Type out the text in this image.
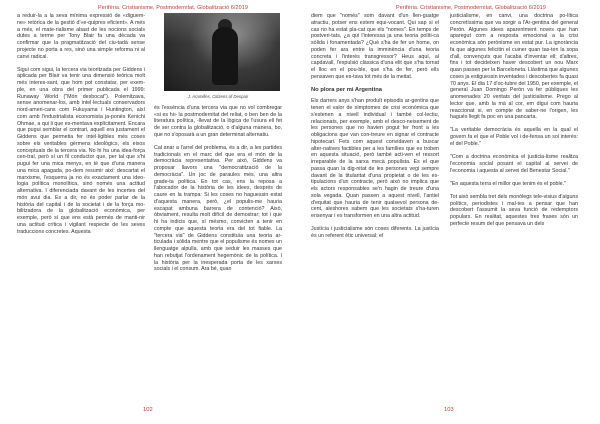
Perifèria. Cristianisme, Postmodernitat, Globalització 6/2019

a reduir-la a la seva mínima expressió de «diguem-ne» retòrica de la gestió d'«e-quipres eficient». A més a més, el mate-rialisme abast de les nocions socials dutes a terme per Tony Blair fa una dècada va confirmar que la pragmatització del ciu-tadà sense projecte no porta a res, sinó una simple reforma ni al canvi radical.

Sigui com sigui, la tercera via teoritzada per Giddens i aplicada per Blair va tenir una dimensió teòrica molt més interes-sant, que hom pot constatar, per exem-ple, en una obra del primer publicada el 1999: Runaway World ("Món desbocat"). Polemitzava, sense anomenar-los, amb intel·lectuals conservadors nord-ameri-cans com Fukuyama i Huntington, així com amb l'industrialista economista ja-ponès Kenichi Ohmae, a qui li que es-mentava explícitament. Encara que pugui semblar el contrari, aquell era justament el Giddens que permetia fer intel·ligibles més coses sobre els veritables gèrmens ideològics, els eixos conceptuals de la tercera via. No hi ha una idea-força cen-tral, però sí un fil conductor que, per tal que s'hi pugui fer una mica menys, en té que d'una manera una mica apagada, po-dem resumir així: descartat el marxisme, l'esquerra ja no és exactament una ideo-logia política monolítica, sinó només una actitud alternativa. I diferenciada davant de les incertes del món avui dia. Es a dir, no és poder parlar de la història del capital i de la societat i de la força mo-bilitzadora de la globalització econòmica, per exemple, però sí que ens està permès de manti-nir una actitud crítica i vigilant respecte de les seves traduccions concretes. Aquesta

J. Aramilles, Citizens of Despair

és l'essència d'una tercera via que no vol combregar «si es hi» la postmodernitat del reliat, o ben ben de la literatura política, -llevat de la lògica de l'usura ell fet de ser contra la globalització, o d'alguna manera, bo, que no s'oposarà a un gran determinat alternatiu.

Cal anar a l'arrel del problema, és a dir, a les partides tradicionals en el marc del que era el món de la democràcia representativa. Per això, Giddens va proposar llavors una "democratització de la democràcia". Un joc de paraules més, una altra grade-ta política. En tot cas, ens la reposa a l'abocador de la història de les idees, després de caure en la trampa: Si les coses no haguessin estat d'aquesta manera, però, ¿el populis-me hauria escapat ambuna barrera de contenció? Això, òbviament, resulta molt difícil de demostrar; tot i que hi ha indicis que, sí mésmo, convicten a tenir en compte que aquesta teoria era del tot fiable. La "tercera via" de Giddens constituïa una teoria ar-ticulada i sòlida mentre que el populisme és nomes un llenguatge alpulla, amb que seduir les masses que han rebutjat l'ordenament hegemònic de la política. I la història per la inesperada porta de les xarxes socials i el consum. Ara bé, quan

102
Perifèria. Cristianisme, Postmodernitat, Globalització 6/2019

diem que "només" som davant d'un llen-guatge atractiu, potser ens estem equi-vocant. Qui sap si el cas no ha estat pla-cat que els "nomes". En temps de postveri-tats, ¿a qui l'interessa ja una teoria políti-ca sòlida i fonamentada? ¿Què s'ha de fer un home, on poden fer ara entre la imminència d'una teoria concreta i l'interès transgressor? Heus aquí, al capdavall, l'expulsió clàssica d'una elit que s'ha tornat el lloc en el pou-ble, que s'ha de fer, però ells pensaven que es-tava tot més de la meitat.

No plora per mi Argentina

Els darrers anys s'han produït episodis ar-gentins que tenen el valor de símptomes de crisi econòmica que s'estenen a nivell individual i també col·lectiu, relacionats, per exemple, amb el desco-neixement de les persones que no havien pogut fer front a les obligacions que van con-treure en signar el contracte hipotecari. Fets com aquest convidaven a buscar alter-natives factibles per a les famílies que es troben en aquesta situació, però també acti-ven el ressort irreparable de la xarxa mecà populista. Es el que passa quan la dig-nitat de les persones vegi sempre davant de la titularitat d'una propietat o de les es-tipulacions d'un contracte, però això no implica que els actors responsables se'n hagin de treure d'una sola vegada. Quan passen a aquest nivell, l'antiel d'equitat que hauria de tenir qualsevol persona de-cent, aleshores sabem que les societats s'ha-turen ensenyar i es transformen en una altra actitud.

Justícia i justicialisme són coses diferents. La justícia és un referent ètic universal; el

justicialisme, en canvi, una doctrina po-lítica concretíssima que va sorgir a l'Ar-gentina del general Perón. Algunes idees aparentment noves que han aparegut com a resposta emocional a la crisi econòmica són perònisme en estat pur. La ignorància fa que algunes felicitin el cuiner quan tas-ten la sopa d'all, convençuts que l'acaba d'inventar ell; d'altres, fins i tot decideixen haver descobert un nou Marx quan passen per la Barceloneta. Llàstima que algunes coses ja estiguessin inventades i descobertes fa quasi 70 anys. El dia 17 d'oc-tubre del 1950, per exemple, el general Juan Domingo Perón va fer públiques les anomenades 20 veritats del justicialisme. Prego al lector que, amb la mà al cor, em digui com hauria reaccionat si, en compte de saber-ne l'origen, les hagués llegit fa poc en una pancarta.

"La veritable democràcia és aquella en la qual el govern fa el que el Poble vol i de-fensa un sol interès: el del Poble."

"Com a doctrina econòmica el justicia-lisme realitza l'economia social posant el capital al servei de l'economia i aquesta al servei del Benestar Social."

"En aquesta terra el millor que tenim és el poble."

Tot això sembla tret dels monòlegs tele-visius d'alguns polítics, periodistes i mal-tes a pensar que han descobert l'assumit la seva funció de redemptors populars. En realitat, aquestes tres frases són un perfecte resum del que pensava un dels

103
